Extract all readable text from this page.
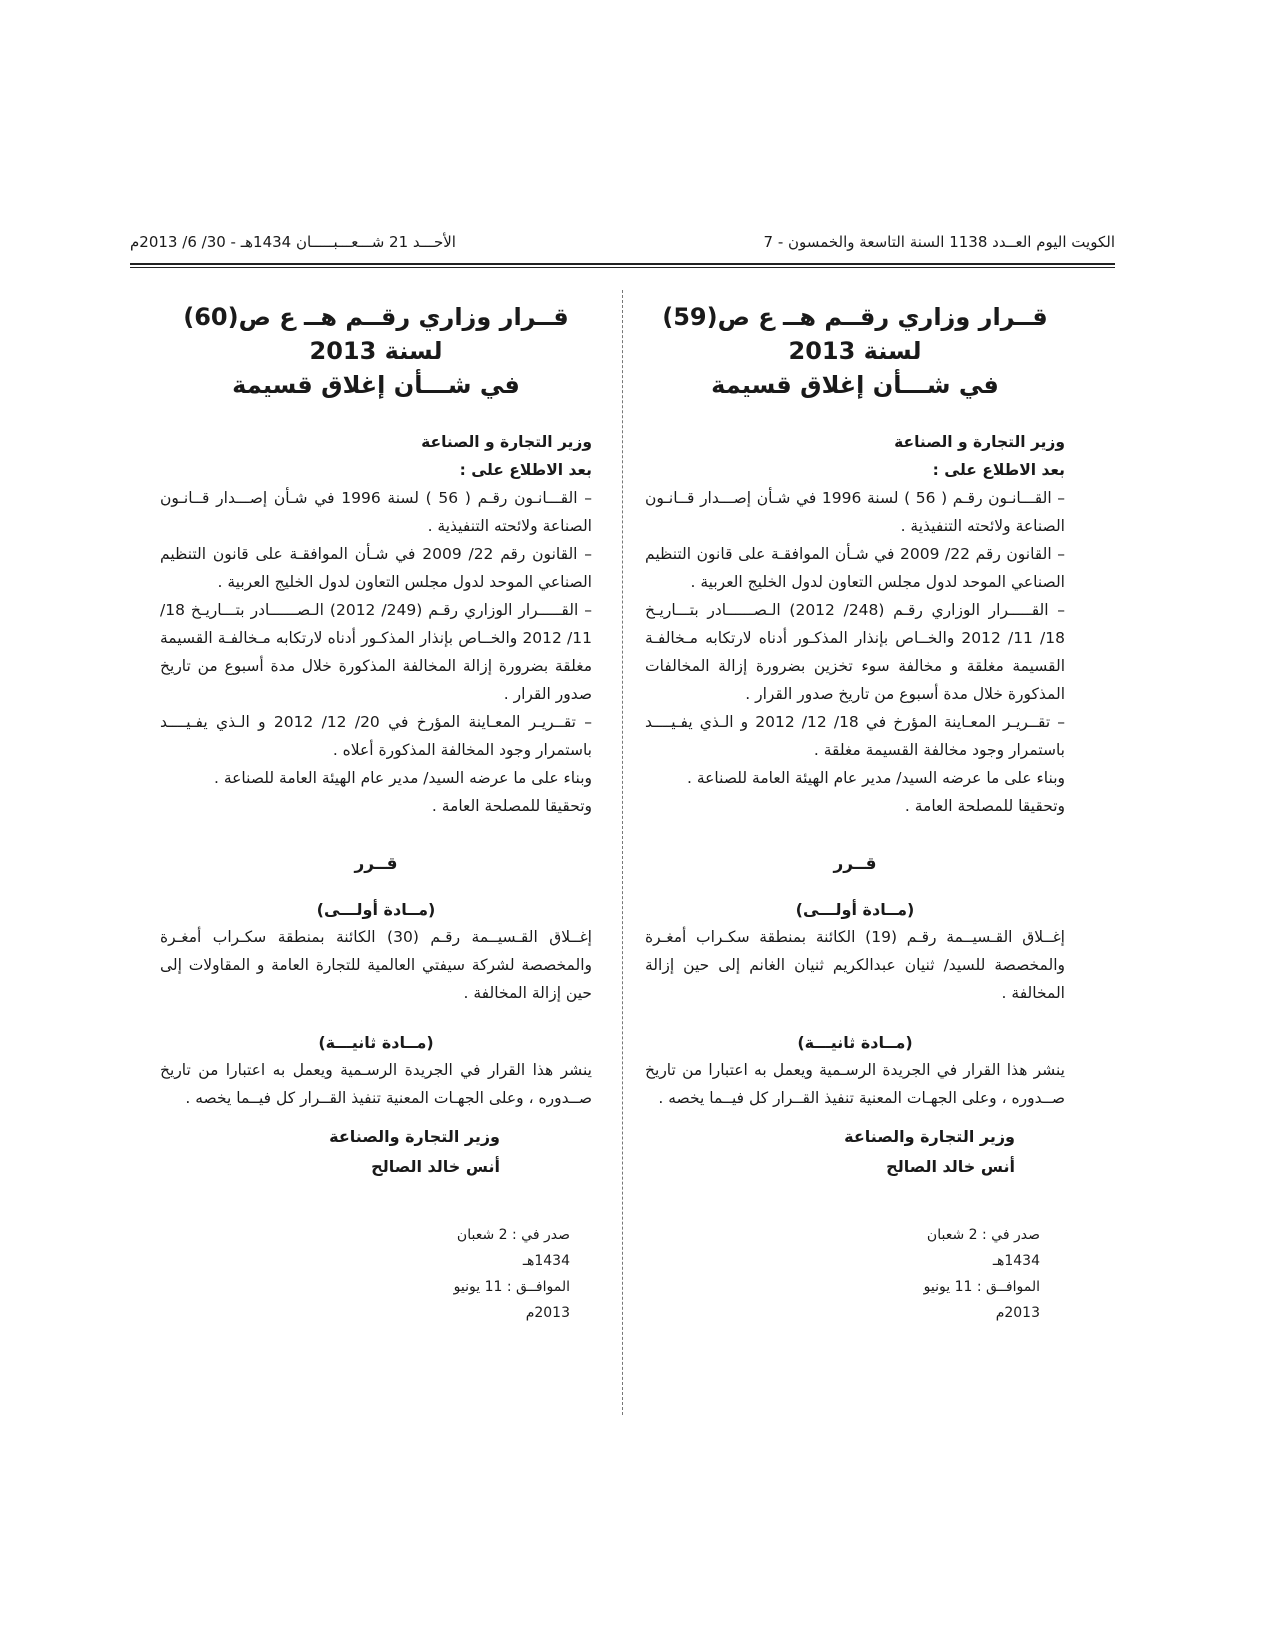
الأحـــد 21 شـــعـــبـــــان 1434هـ - 30/ 6/ 2013م	الكويت اليوم العــدد 1138 السنة التاسعة والخمسون - 7

قــرار وزاري رقــم هــ ع ص(59) لسنة 2013

في شـــأن إغلاق قسيمة

وزير التجارة و الصناعة

بعد الاطلاع على :

– القـــانـون رقـم ( 56 ) لسنة 1996 في شـأن إصـــدار قــانـون الصناعة ولائحته التنفيذية .

– القانون رقم 22/ 2009 في شـأن الموافقـة على قانون التنظيم الصناعي الموحد لدول مجلس التعاون لدول الخليج العربية .

– القـــــرار الوزاري رقـم (248/ 2012) الـصــــــادر بتـــاريـخ 18/ 11/ 2012 والخــاص بإنذار المذكـور أدناه لارتكابه مـخالفـة القسيمة مغلقة و مخالفة سوء تخزين بضرورة إزالة المخالفات المذكورة خلال مدة أسبوع من تاريخ صدور القرار .

– تقــريـر المعـاينة المؤرخ في 18/ 12/ 2012 و الـذي يفـيــــد باستمرار وجود مخالفة القسيمة مغلقة .

وبناء على ما عرضه السيد/ مدير عام الهيئة العامة للصناعة .

وتحقيقا للمصلحة العامة .

قــرر

(مــادة أولـــى)

إغــلاق القـسيــمة رقـم (19) الكائنة بمنطقة سكـراب أمغـرة والمخصصة للسيد/ ثنيان عبدالكريم ثنيان الغانم إلى حين إزالة المخالفة .

(مــادة ثانيـــة)

ينشر هذا القرار في الجريدة الرسـمية ويعمل به اعتبارا من تاريخ صــدوره ، وعلى الجهـات المعنية تنفيذ القــرار كل فيــما يخصه .

قــرار وزاري رقــم هــ ع ص(60) لسنة 2013

في شـــأن إغلاق قسيمة

وزير التجارة و الصناعة

بعد الاطلاع على :

– القـــانـون رقـم ( 56 ) لسنة 1996 في شـأن إصـــدار قــانـون الصناعة ولائحته التنفيذية .

– القانون رقم 22/ 2009 في شـأن الموافقـة على قانون التنظيم الصناعي الموحد لدول مجلس التعاون لدول الخليج العربية .

– القـــــرار الوزاري رقـم (249/ 2012) الـصــــــادر بتـــاريـخ 18/ 11/ 2012 والخــاص بإنذار المذكـور أدناه لارتكابه مـخالفـة القسيمة مغلقة بضرورة إزالة المخالفة المذكورة خلال مدة أسبوع من تاريخ صدور القرار .

– تقــريـر المعـاينة المؤرخ في 20/ 12/ 2012 و الـذي يفـيــــد باستمرار وجود المخالفة المذكورة أعلاه .

وبناء على ما عرضه السيد/ مدير عام الهيئة العامة للصناعة .

وتحقيقا للمصلحة العامة .

قــرر

(مــادة أولـــى)

إغــلاق القـسيــمة رقـم (30) الكائنة بمنطقة سكـراب أمغـرة والمخصصة لشركة سيفتي العالمية للتجارة العامة و المقاولات إلى حين إزالة المخالفة .

(مــادة ثانيـــة)

ينشر هذا القرار في الجريدة الرسـمية ويعمل به اعتبارا من تاريخ صــدوره ، وعلى الجهـات المعنية تنفيذ القــرار كل فيــما يخصه .

وزير التجارة والصناعة
أنس خالد الصالح
وزير التجارة والصناعة
أنس خالد الصالح
صدر في : 2 شعبان 1434هـ
الموافــق : 11 يونيو 2013م
صدر في : 2 شعبان 1434هـ
الموافــق : 11 يونيو 2013م
